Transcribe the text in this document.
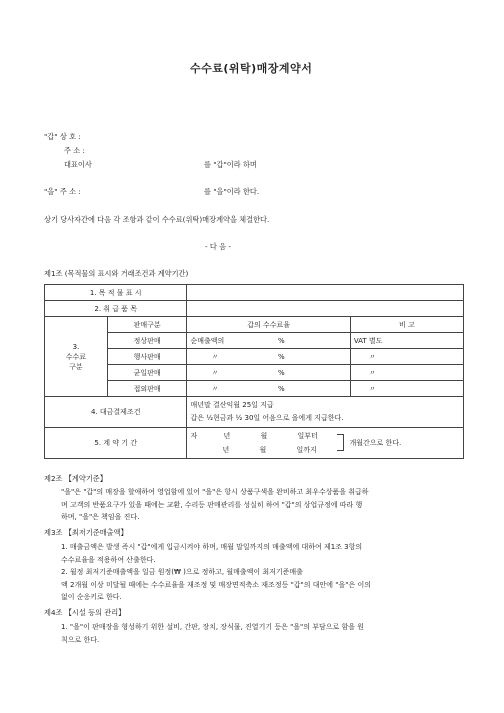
수수료(위탁)매장계약서
"갑" 상 호 :
주 소 :
대표이사	를 "갑"이라 하며
"을" 주 소 :	를 "을"이라 한다.
상기 당사자간에 다음 각 조항과 같이 수수료(위탁)매장계약을 체결한다.
- 다 음 -
제1조 (목적물의 표시와 거래조건과 계약기간)
1. 목 적 물 표 시				
2. 취 급 품 목				

3.
수수료
구분	판매구분	갑의 수수료율		비 고
	정상판매	순매출액의	%	VAT 별도
	행사판매	〃	%	〃
	균일판매	〃	%	〃
	접외판매	〃	%	〃
4. 대금결제조건		매년말 결산익월 25일 지급
갑은 ½현금과 ½ 30일 어음으로 을에게 지급한다.		

5. 계 약 기 간		자 년 월 일부터
년 월 일까지
개월간으로 한다.		
제2조 【계약기준】
"을"은 "갑"의 매장을 할애하여 영업함에 있어 "을"은 항시 상품구색을 완비하고 최우수상품을 취급하
며 고객의 반품요구가 있을 때에는 교환, 수리등 판매관리를 성실히 하여 "갑"의 상업규정에 따라 행
하며, "을"은 책임을 진다.
제3조 【최저기준매출액】
1. 매출금액은 발생 즉시 "갑"에게 입금시켜야 하며, 매월 말일까지의 매출액에 대하여 제1조 3항의
수수료율을 적용하여 산출한다.
2. 월정 최저기준매출액을 일금 원정(₩ )으로 정하고, 월매출액이 최저기준매출
액 2개월 이상 미달될 때에는 수수료율을 재조정 및 매장면적축소 재조정등 "갑"의 대안에 "을"은 이의
없이 순응키로 한다.
제4조 【시설 등의 관리】
1. "을"이 판매장을 형성하기 위한 설비, 간판, 장치, 장식물, 진열기기 등은 "을"의 부담으로 함을 원
칙으로 한다.
